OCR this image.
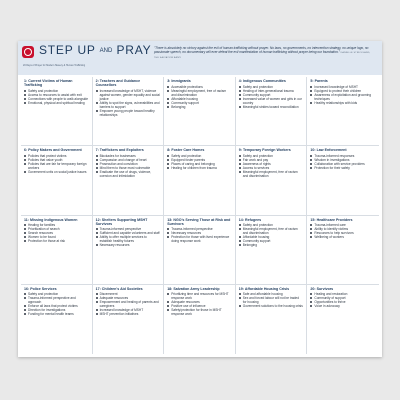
STEP UP AND PRAY
20 Days of Prayer for Modern Slavery & Human Trafficking
"There is absolutely no victory against the evil of human trafficking without prayer. No laws, no governments, no intervention strategy, no unique logo, no passionate speech, no documentary will ever defeat the evil manifestation of human trafficking without prayer being our foundation." DANIELLE STRICKLAND, THE SALVATION ARMY
1: Current Victims of Human Trafficking
Safety and protection
Access to resources to assist with exit
Connections with people to walk alongside
Emotional, physical and spiritual healing
2: Teachers and Guidance Counsellors
Increased knowledge of MSHT, violence against women, gender equality and social justice
Ability to spot the signs, vulnerabilities and barriers to support
Empower young people toward healthy relationships
3: Immigrants
Accessible protections
Meaningful employment, free of racism and discrimination
Affordable housing
Community support
Belonging
4: Indigenous Communities
Safety and protection
Healing of inter-generational trauma
Community support
Increased value of women and girls in our country
Meaningful strides toward reconciliation
5: Parents
Increased knowledge of MSHT
Equipped to protect their children
Awareness of exploitation and grooming techniques
Healthy relationships with kids
6: Policy Makers and Government
Policies that protect victims
Policies that value youth
Policies that are fair for temporary foreign workers
Government units on social justice issues
7: Traffickers and Exploiters
Blockades for businesses
Compassion and change of heart
Prosecution and conviction
Mind them to those most vulnerable
Eradicate the use of drugs, violence, coercion and intimidation
8: Foster Care Homes
Safety and protection
Equipped foster parents
Places of caring and belonging
Healing for children from trauma
9: Temporary Foreign Workers
Safety and protection
Fair work and pay
Awareness of rights
Access to services
Meaningful employment, free of racism and discrimination
10: Law Enforcement
Trauma-informed responses
Wisdom in investigations
Collaboration with service providers
Protection for their safety
11: Missing Indigenous Women
Healing for families
Prioritization of search
Search resources
Women to be found
Protection for those at risk
12: Shelters Supporting MSHT Survivors
Trauma-informed perspective
Sufficient and capable volunteers and staff
Ability to offer multiple services to establish healthy futures
Necessary resources
13: NGO's Serving Those at Risk and Survivors
Trauma-informed perspective
Necessary resources
Protection for those with lived experience doing response work
14: Refugees
Safety and protection
Meaningful employment, free of racism and discrimination
Affordable housing
Community support
Belonging
15: Healthcare Providers
Trauma-informed care
Ability to identify victims
Resources to help survivors
Wellbeing of workers
16: Police Services
Safety and protection
Trauma-informed perspective and approach
Enforce all laws that protect victims
Direction for investigations
Funding for mental health teams
17: Children's Aid Societies
Discernment
Adequate resources
Empowerment and healing of parents and caregivers
Increased knowledge of MSHT
MSHT prevention initiatives
18: Salvation Army Leadership
Prioritizing time and resources for MSHT response work
Adequate resources
Positive use of influence
Safety/protection for those in MSHT response work
19: Affordable Housing Crisis
Safe and affordable housing
Sex and forced labour will not be traded for housing
Government solutions to the housing crisis
20: Survivors
Healing and restoration
Community of support
Opportunities to thrive
Voice in advocacy
